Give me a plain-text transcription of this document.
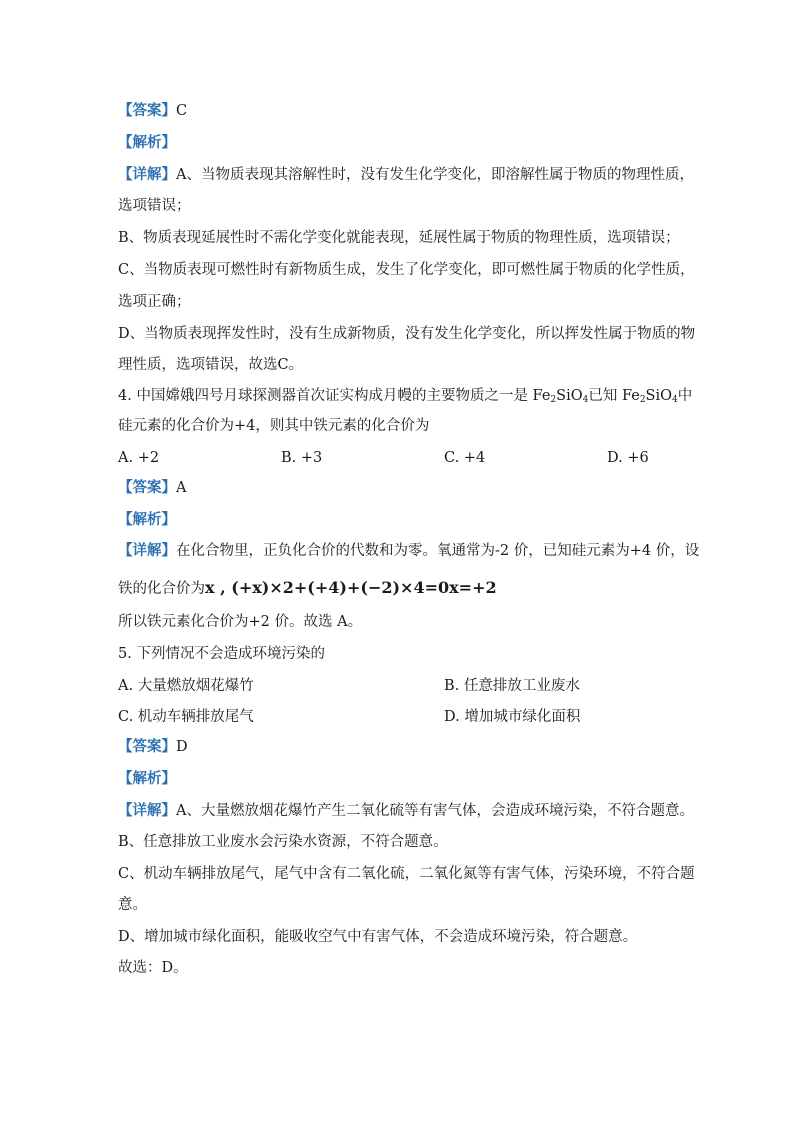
【答案】C
【解析】
【详解】A、当物质表现其溶解性时，没有发生化学变化，即溶解性属于物质的物理性质，
选项错误；
B、物质表现延展性时不需化学变化就能表现，延展性属于物质的物理性质，选项错误；
C、当物质表现可燃性时有新物质生成，发生了化学变化，即可燃性属于物质的化学性质，
选项正确；
D、当物质表现挥发性时，没有生成新物质，没有发生化学变化，所以挥发性属于物质的物
理性质，选项错误，故选C。
4. 中国嫦娥四号月球探测器首次证实构成月幔的主要物质之一是 $Fe_2SiO_4$已知 $Fe_2SiO_4$中
硅元素的化合价为+4，则其中铁元素的化合价为
A. +2	B. +3	C. +4	D. +6
【答案】A
【解析】
【详解】在化合物里，正负化合价的代数和为零。氧通常为-2 价，已知硅元素为+4 价，设
铁的化合价为x , (+x)×2+(+4)+(−2)×4=0x=+2
所以铁元素化合价为+2 价。故选 A。
5. 下列情况不会造成环境污染的
A. 大量燃放烟花爆竹	B. 任意排放工业废水
C. 机动车辆排放尾气	D. 增加城市绿化面积
【答案】D
【解析】
【详解】A、大量燃放烟花爆竹产生二氧化硫等有害气体，会造成环境污染，不符合题意。
B、任意排放工业废水会污染水资源，不符合题意。
C、机动车辆排放尾气，尾气中含有二氧化硫，二氧化氮等有害气体，污染环境，不符合题
意。
D、增加城市绿化面积，能吸收空气中有害气体，不会造成环境污染，符合题意。
故选：D。
